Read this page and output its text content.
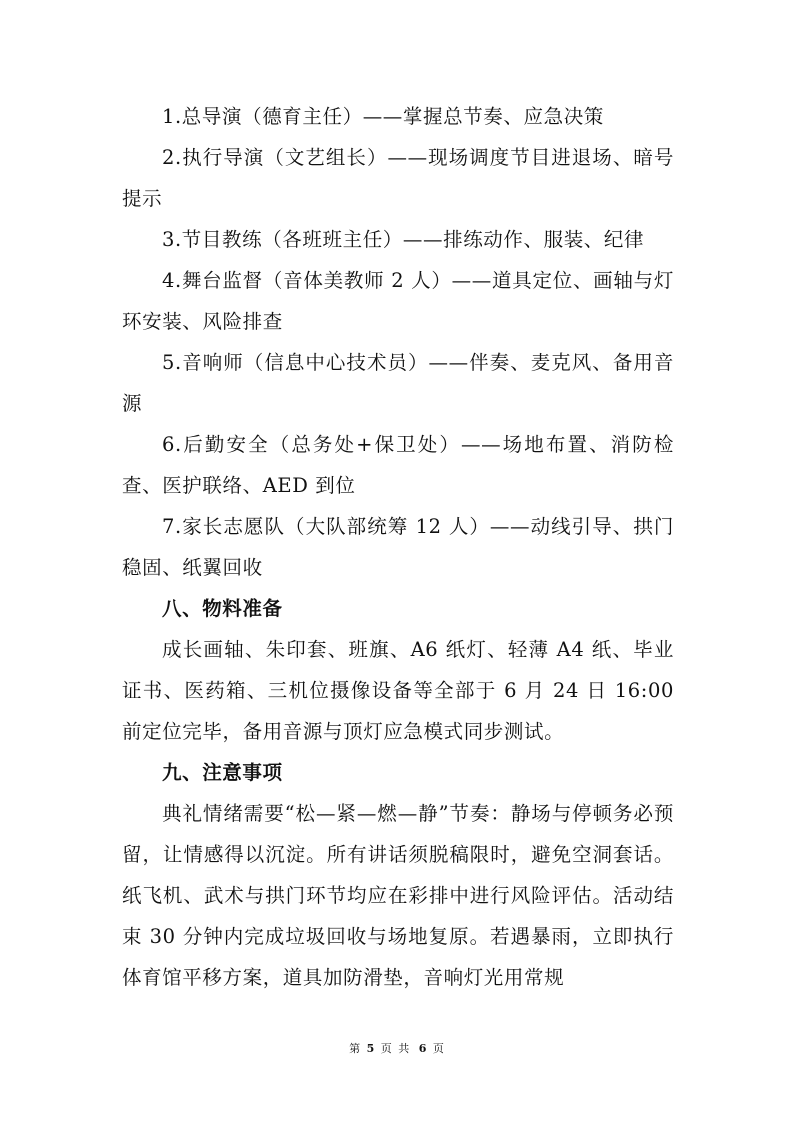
1.总导演（德育主任）——掌握总节奏、应急决策

2.执行导演（文艺组长）——现场调度节目进退场、暗号提示

3.节目教练（各班班主任）——排练动作、服装、纪律

4.舞台监督（音体美教师 2 人）——道具定位、画轴与灯环安装、风险排查

5.音响师（信息中心技术员）——伴奏、麦克风、备用音源

6.后勤安全（总务处+保卫处）——场地布置、消防检查、医护联络、AED 到位

7.家长志愿队（大队部统筹 12 人）——动线引导、拱门稳固、纸翼回收

八、物料准备

成长画轴、朱印套、班旗、A6 纸灯、轻薄 A4 纸、毕业证书、医药箱、三机位摄像设备等全部于 6 月 24 日 16:00 前定位完毕，备用音源与顶灯应急模式同步测试。

九、注意事项

典礼情绪需要“松—紧—燃—静”节奏：静场与停顿务必预留，让情感得以沉淀。所有讲话须脱稿限时，避免空洞套话。纸飞机、武术与拱门环节均应在彩排中进行风险评估。活动结束 30 分钟内完成垃圾回收与场地复原。若遇暴雨，立即执行体育馆平移方案，道具加防滑垫，音响灯光用常规

第 5 页 共 6 页
